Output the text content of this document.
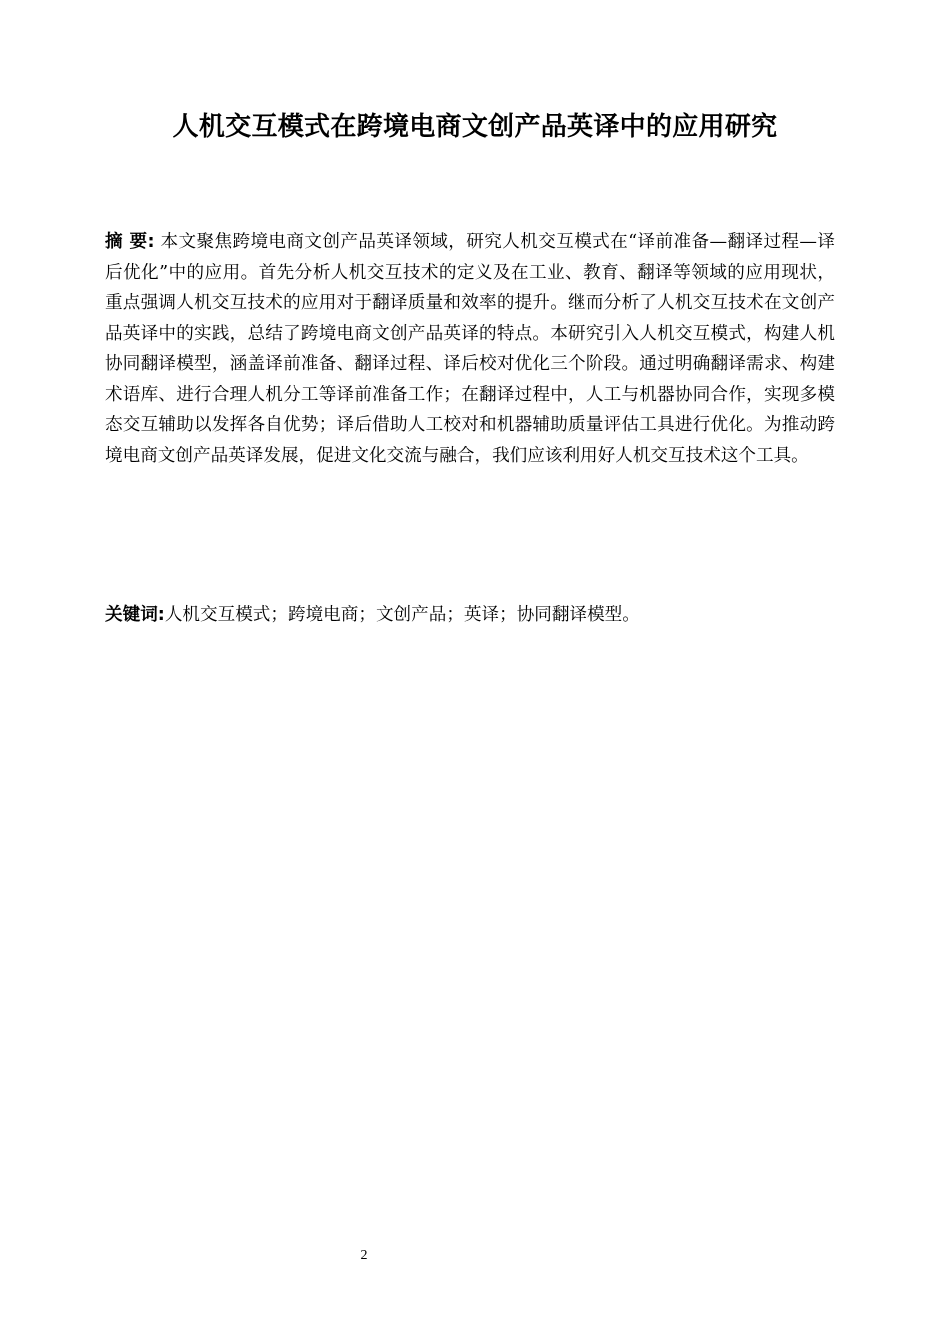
人机交互模式在跨境电商文创产品英译中的应用研究

摘 要: 本文聚焦跨境电商文创产品英译领域，研究人机交互模式在“译前准备—翻译过程—译后优化”中的应用。首先分析人机交互技术的定义及在工业、教育、翻译等领域的应用现状，重点强调人机交互技术的应用对于翻译质量和效率的提升。继而分析了人机交互技术在文创产品英译中的实践，总结了跨境电商文创产品英译的特点。本研究引入人机交互模式，构建人机协同翻译模型，涵盖译前准备、翻译过程、译后校对优化三个阶段。通过明确翻译需求、构建术语库、进行合理人机分工等译前准备工作；在翻译过程中，人工与机器协同合作，实现多模态交互辅助以发挥各自优势；译后借助人工校对和机器辅助质量评估工具进行优化。为推动跨境电商文创产品英译发展，促进文化交流与融合，我们应该利用好人机交互技术这个工具。

关键词:人机交互模式；跨境电商；文创产品；英译；协同翻译模型。

2
